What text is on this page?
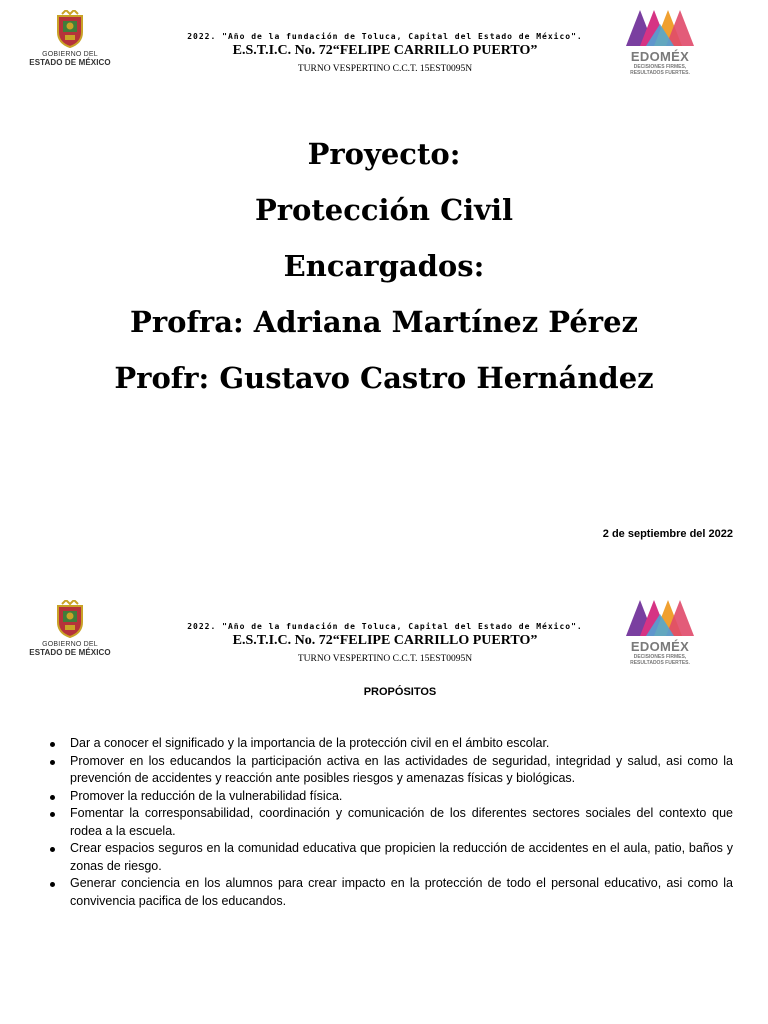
GOBIERNO DEL
ESTADO DE MÉXICO
2022. "Año de la fundación de Toluca, Capital del Estado de México".
E.S.T.I.C. No. 72“FELIPE CARRILLO PUERTO”
TURNO VESPERTINO C.C.T. 15EST0095N
EDOMÉX
DECISIONES FIRMES,
RESULTADOS FUERTES.
Proyecto:
Protección Civil
Encargados:
Profra: Adriana Martínez Pérez
Profr: Gustavo Castro Hernández
2 de septiembre del 2022
GOBIERNO DEL
ESTADO DE MÉXICO
2022. "Año de la fundación de Toluca, Capital del Estado de México".
E.S.T.I.C. No. 72“FELIPE CARRILLO PUERTO”
TURNO VESPERTINO C.C.T. 15EST0095N
EDOMÉX
DECISIONES FIRMES,
RESULTADOS FUERTES.
PROPÓSITOS
Dar a conocer el significado y la importancia de la protección civil en el ámbito escolar.
Promover en los educandos la participación activa en las actividades de seguridad, integridad y salud, asi como la prevención de accidentes y reacción ante posibles riesgos y amenazas físicas y biológicas.
Promover la reducción de la vulnerabilidad física.
Fomentar la corresponsabilidad, coordinación y comunicación de los diferentes sectores sociales del contexto que rodea a la escuela.
Crear espacios seguros en la comunidad educativa que propicien la reducción de accidentes en el aula, patio, baños y zonas de riesgo.
Generar conciencia en los alumnos para crear impacto en la protección de todo el personal educativo, asi como la convivencia pacifica de los educandos.
